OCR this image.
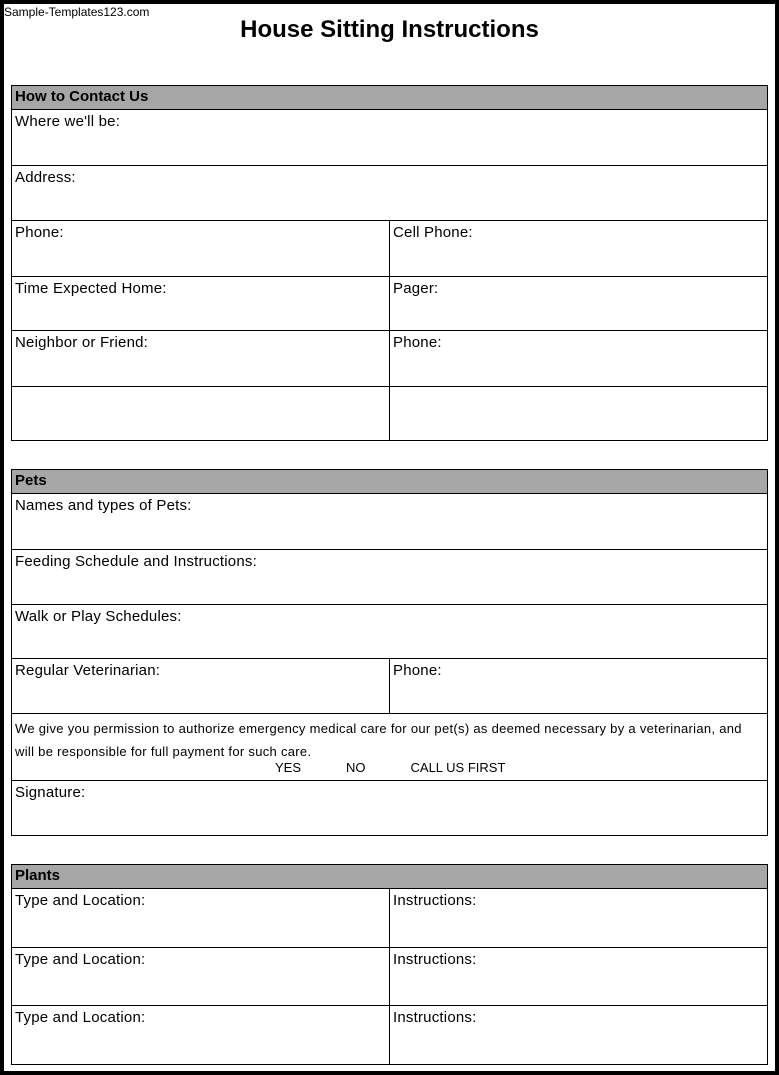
Sample-Templates123.com
House Sitting Instructions
How to Contact Us
Where we'll be:
Address:
Phone:	Cell Phone:
Time Expected Home:	Pager:
Neighbor or Friend:	Phone:
Pets
Names and types of Pets:
Feeding Schedule and Instructions:
Walk or Play Schedules:
Regular Veterinarian:	Phone:
We give you permission to authorize emergency medical care for our pet(s) as deemed necessary by a veterinarian, and will be responsible for full payment for such care.
YES	NO	CALL US FIRST
Signature:
Plants
Type and Location:	Instructions:
Type and Location:	Instructions:
Type and Location:	Instructions:
